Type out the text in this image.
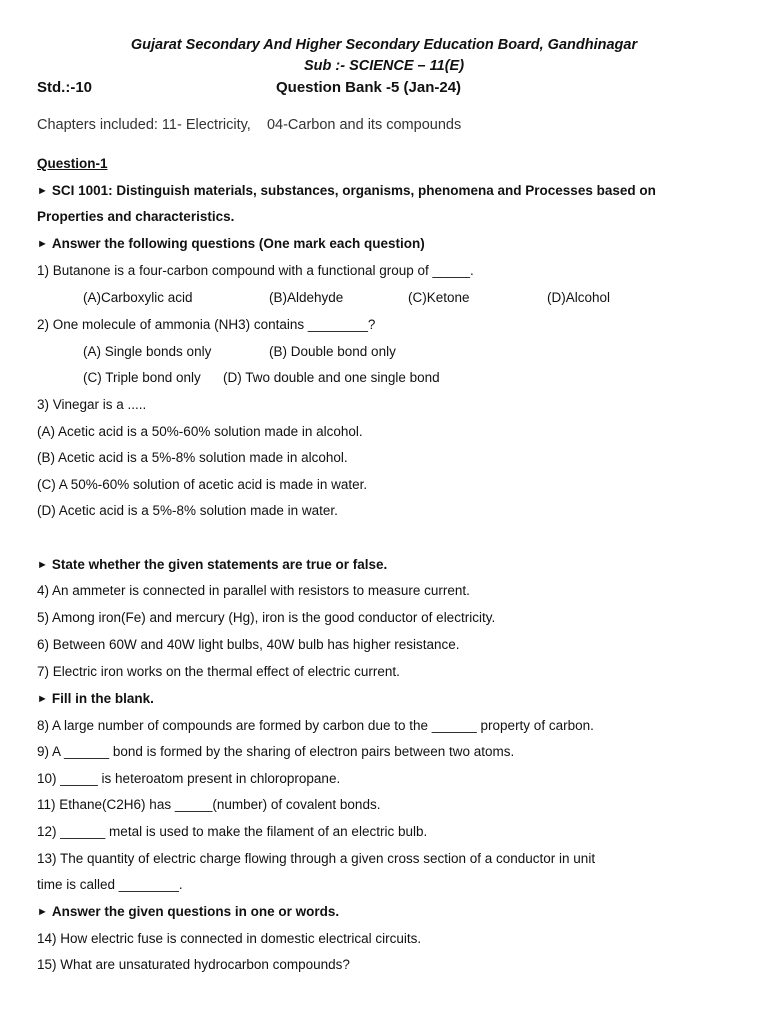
Gujarat Secondary And Higher Secondary Education Board, Gandhinagar
Sub :- SCIENCE – 11(E)
Std.:-10	Question Bank -5 (Jan-24)
Chapters included: 11- Electricity,    04-Carbon and its compounds
Question-1
► SCI 1001: Distinguish materials, substances, organisms, phenomena and Processes based on
Properties and characteristics.
► Answer the following questions (One mark each question)
1) Butanone is a four-carbon compound with a functional group of _____.
(A)Carboxylic acid	(B)Aldehyde	(C)Ketone	(D)Alcohol
2) One molecule of ammonia (NH3) contains ________?
(A) Single bonds only	(B) Double bond only
(C) Triple bond only (D) Two double and one single bond
3) Vinegar is a .....
(A) Acetic acid is a 50%-60% solution made in alcohol.
(B) Acetic acid is a 5%-8% solution made in alcohol.
(C) A 50%-60% solution of acetic acid is made in water.
(D) Acetic acid is a 5%-8% solution made in water.
► State whether the given statements are true or false.
4) An ammeter is connected in parallel with resistors to measure current.
5) Among iron(Fe) and mercury (Hg), iron is the good conductor of electricity.
6) Between 60W and 40W light bulbs, 40W bulb has higher resistance.
7) Electric iron works on the thermal effect of electric current.
► Fill in the blank.
8) A large number of compounds are formed by carbon due to the ______ property of carbon.
9) A ______ bond is formed by the sharing of electron pairs between two atoms.
10) _____ is heteroatom present in chloropropane.
11) Ethane(C2H6) has _____(number) of covalent bonds.
12) ______ metal is used to make the filament of an electric bulb.
13) The quantity of electric charge flowing through a given cross section of a conductor in unit
time is called ________.
► Answer the given questions in one or words.
14) How electric fuse is connected in domestic electrical circuits.
15) What are unsaturated hydrocarbon compounds?
